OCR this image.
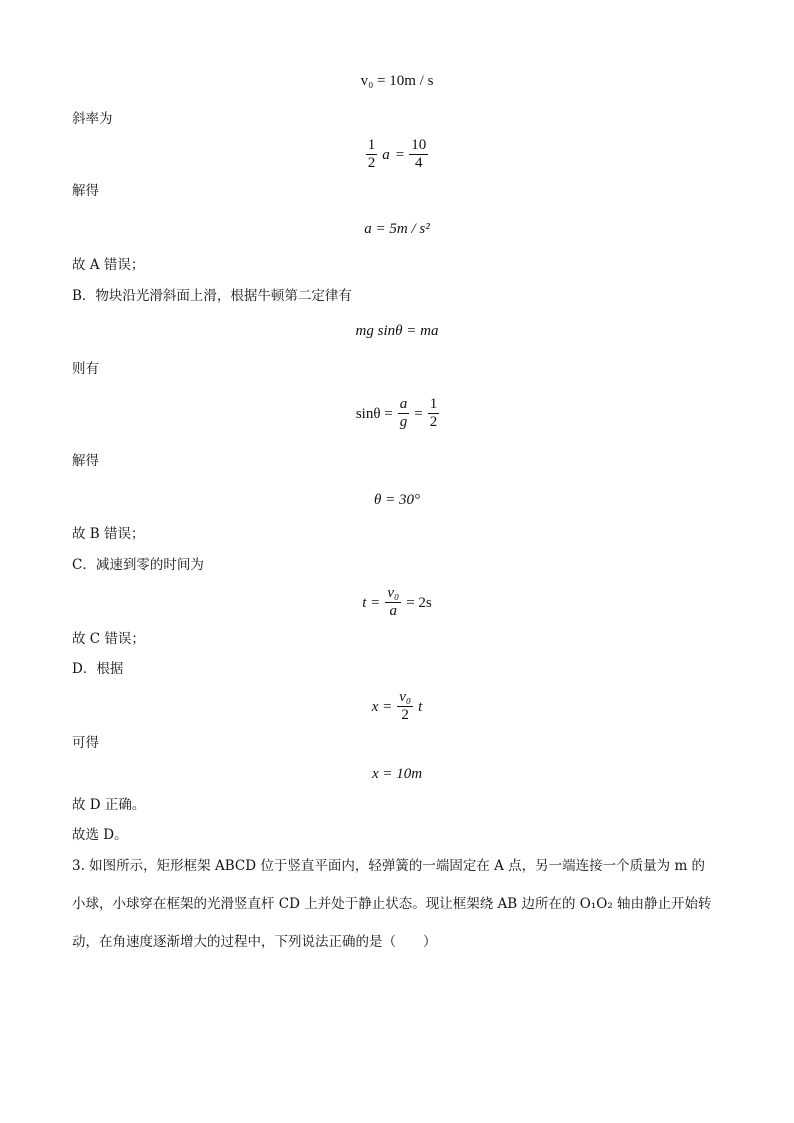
v₀ = 10m / s
斜率为
$\frac{1}{2}$ $a = \frac{10}{4}$
解得
a = 5m / s²
故 A 错误；
B．物块沿光滑斜面上滑，根据牛顿第二定律有
mg sinθ = ma
则有
$\sin\theta = \frac{a}{g} = \frac{1}{2}$
解得
θ = 30°
故 B 错误；
C．减速到零的时间为
$t = \frac{\text{v₀}}{a} = 2s$
故 C 错误；
D．根据
$x = \frac{\text{v₀}}{2}$ t
可得
x = 10m
故 D 正确。
故选 D。
3. 如图所示，矩形框架 ABCD 位于竖直平面内，轻弹簧的一端固定在 A 点，另一端连接一个质量为 m 的
小球，小球穿在框架的光滑竖直杆 CD 上并处于静止状态。现让框架绕 AB 边所在的 O₁O₂ 轴由静止开始转
动，在角速度逐渐增大的过程中，下列说法正确的是（　　）
